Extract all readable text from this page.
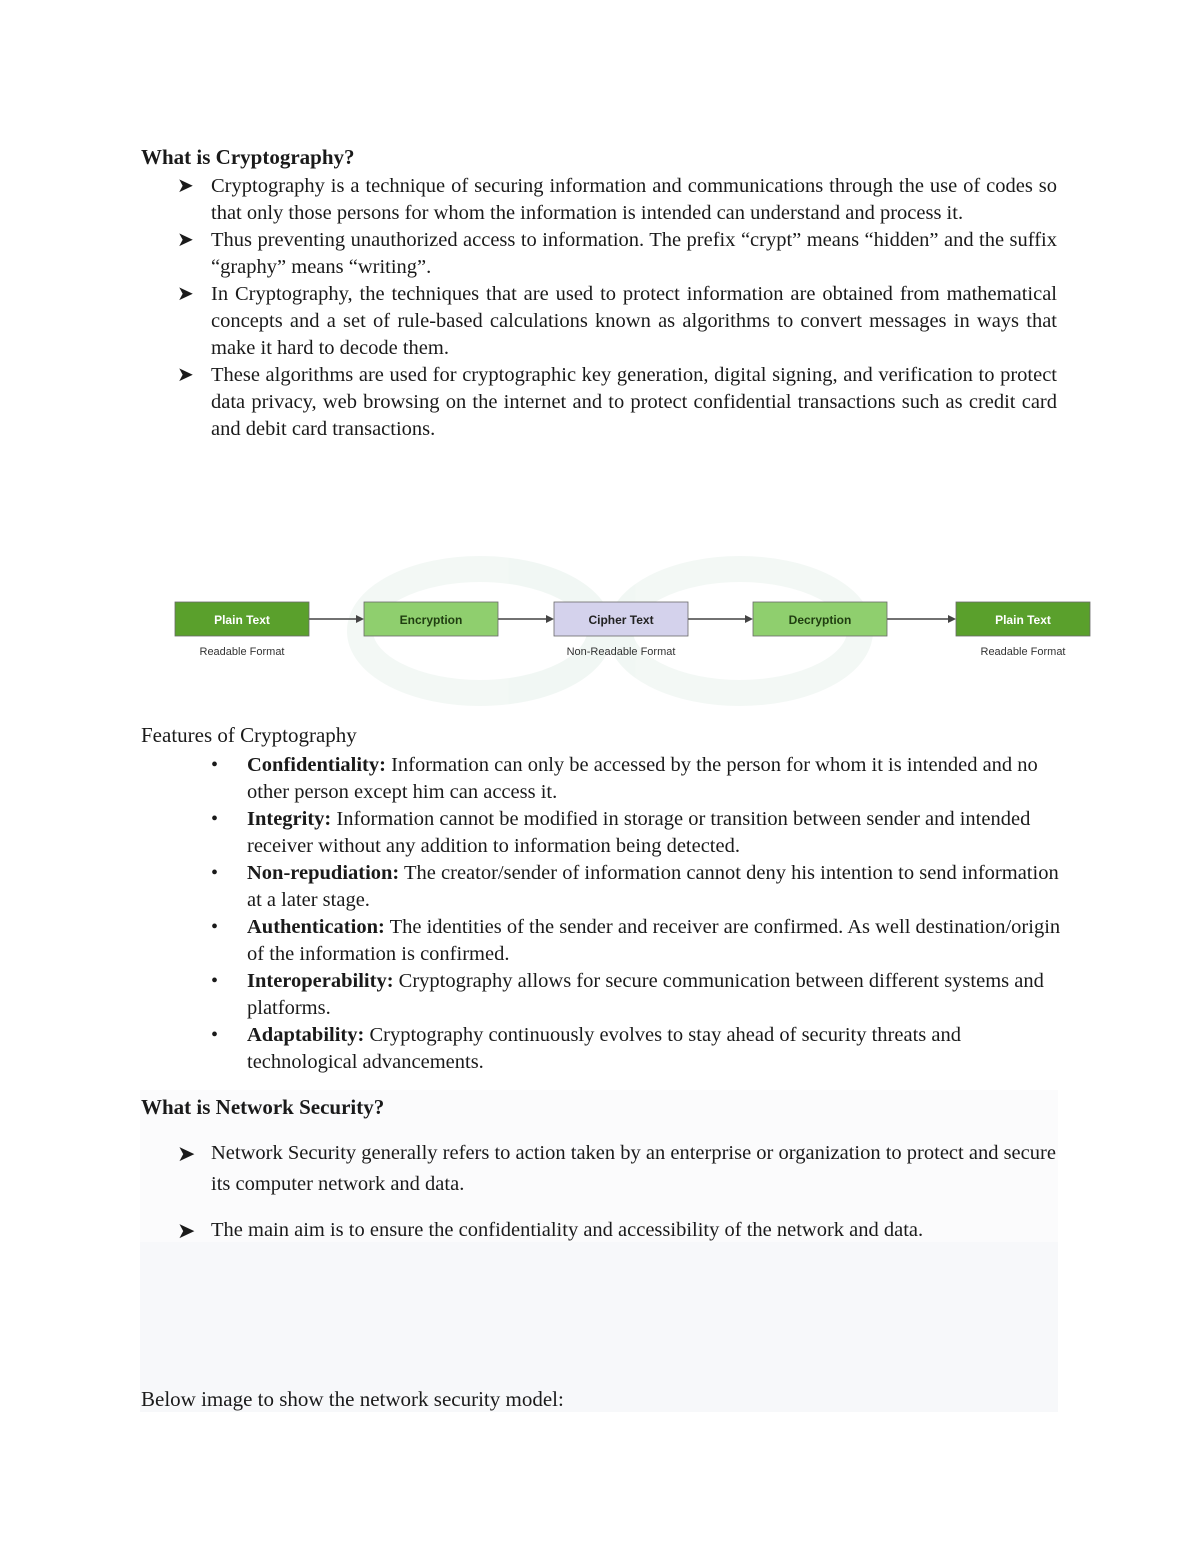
What is Cryptography?
➤ Cryptography is a technique of securing information and communications through the use of codes so that only those persons for whom the information is intended can understand and process it.
➤ Thus preventing unauthorized access to information. The prefix “crypt” means “hidden” and the suffix “graphy” means “writing”.
➤ In Cryptography, the techniques that are used to protect information are obtained from mathematical concepts and a set of rule-based calculations known as algorithms to convert messages in ways that make it hard to decode them.
➤ These algorithms are used for cryptographic key generation, digital signing, and verification to protect data privacy, web browsing on the internet and to protect confidential transactions such as credit card and debit card transactions.
Plain Text
Readable Format
Encryption	Cipher Text
Non-Readable Format
Decryption	Plain Text
Readable Format
Features of Cryptography
• Confidentiality: Information can only be accessed by the person for whom it is intended and no other person except him can access it.
• Integrity: Information cannot be modified in storage or transition between sender and intended receiver without any addition to information being detected.
• Non-repudiation: The creator/sender of information cannot deny his intention to send information at a later stage.
• Authentication: The identities of the sender and receiver are confirmed. As well destination/origin of the information is confirmed.
• Interoperability: Cryptography allows for secure communication between different systems and platforms.
• Adaptability: Cryptography continuously evolves to stay ahead of security threats and technological advancements.
What is Network Security?
➤ Network Security generally refers to action taken by an enterprise or organization to protect and secure its computer network and data.
➤ The main aim is to ensure the confidentiality and accessibility of the network and data.
Below image to show the network security model:
